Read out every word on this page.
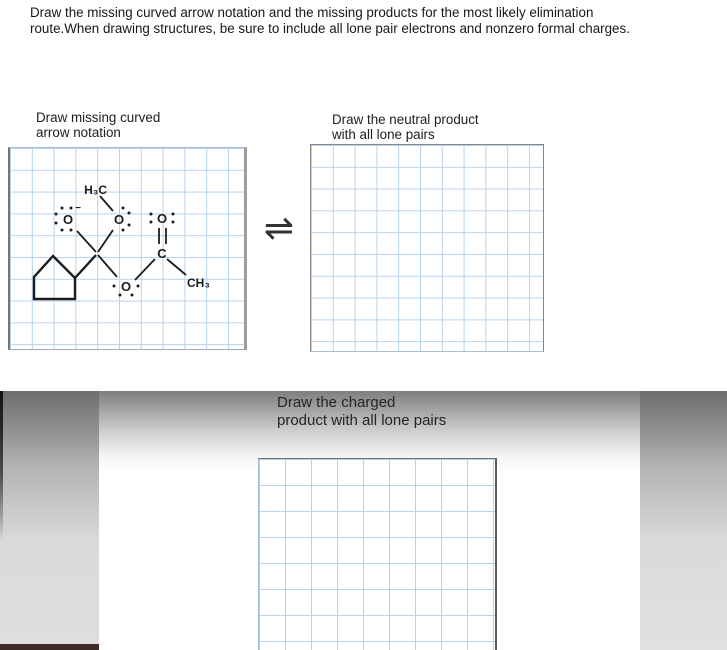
Draw the missing curved arrow notation and the missing products for the most likely elimination
route.When drawing structures, be sure to include all lone pair electrons and nonzero formal charges.
Draw missing curved
arrow notation
H₃C
O
−
O
O
O
C
CH₃
⇌
Draw the neutral product
with all lone pairs
Draw the charged
product with all lone pairs
